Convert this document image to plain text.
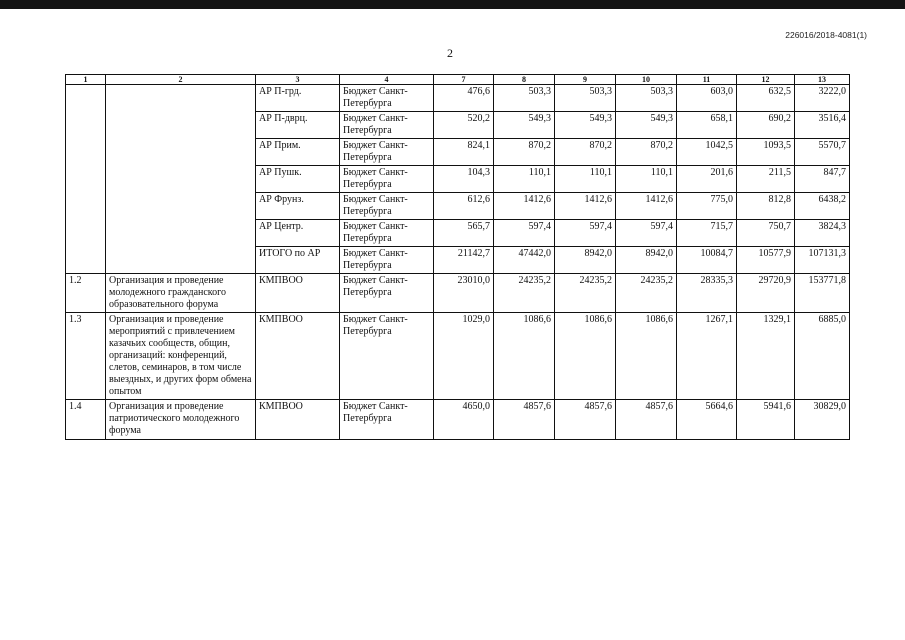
226016/2018-4081(1)
2
1	2	3	4	7	8	9	10	11	12	13
		АР П-грд.	Бюджет Санкт-Петербурга	476,6	503,3	503,3	503,3	603,0	632,5	3222,0
		АР П-дврц.	Бюджет Санкт-Петербурга	520,2	549,3	549,3	549,3	658,1	690,2	3516,4
		АР Прим.	Бюджет Санкт-Петербурга	824,1	870,2	870,2	870,2	1042,5	1093,5	5570,7
		АР Пушк.	Бюджет Санкт-Петербурга	104,3	110,1	110,1	110,1	201,6	211,5	847,7
		АР Фрунз.	Бюджет Санкт-Петербурга	612,6	1412,6	1412,6	1412,6	775,0	812,8	6438,2
		АР Центр.	Бюджет Санкт-Петербурга	565,7	597,4	597,4	597,4	715,7	750,7	3824,3
		ИТОГО по АР	Бюджет Санкт-Петербурга	21142,7	47442,0	8942,0	8942,0	10084,7	10577,9	107131,3
1.2	Организация и проведение молодежного гражданского образовательного форума	КМПВОО	Бюджет Санкт-Петербурга	23010,0	24235,2	24235,2	24235,2	28335,3	29720,9	153771,8
1.3	Организация и проведение мероприятий с привлечением казачьих сообществ, общин, организаций: конференций, слетов, семинаров, в том числе выездных, и других форм обмена опытом	КМПВОО	Бюджет Санкт-Петербурга	1029,0	1086,6	1086,6	1086,6	1267,1	1329,1	6885,0
1.4	Организация и проведение патриотического молодежного форума	КМПВОО	Бюджет Санкт-Петербурга	4650,0	4857,6	4857,6	4857,6	5664,6	5941,6	30829,0
